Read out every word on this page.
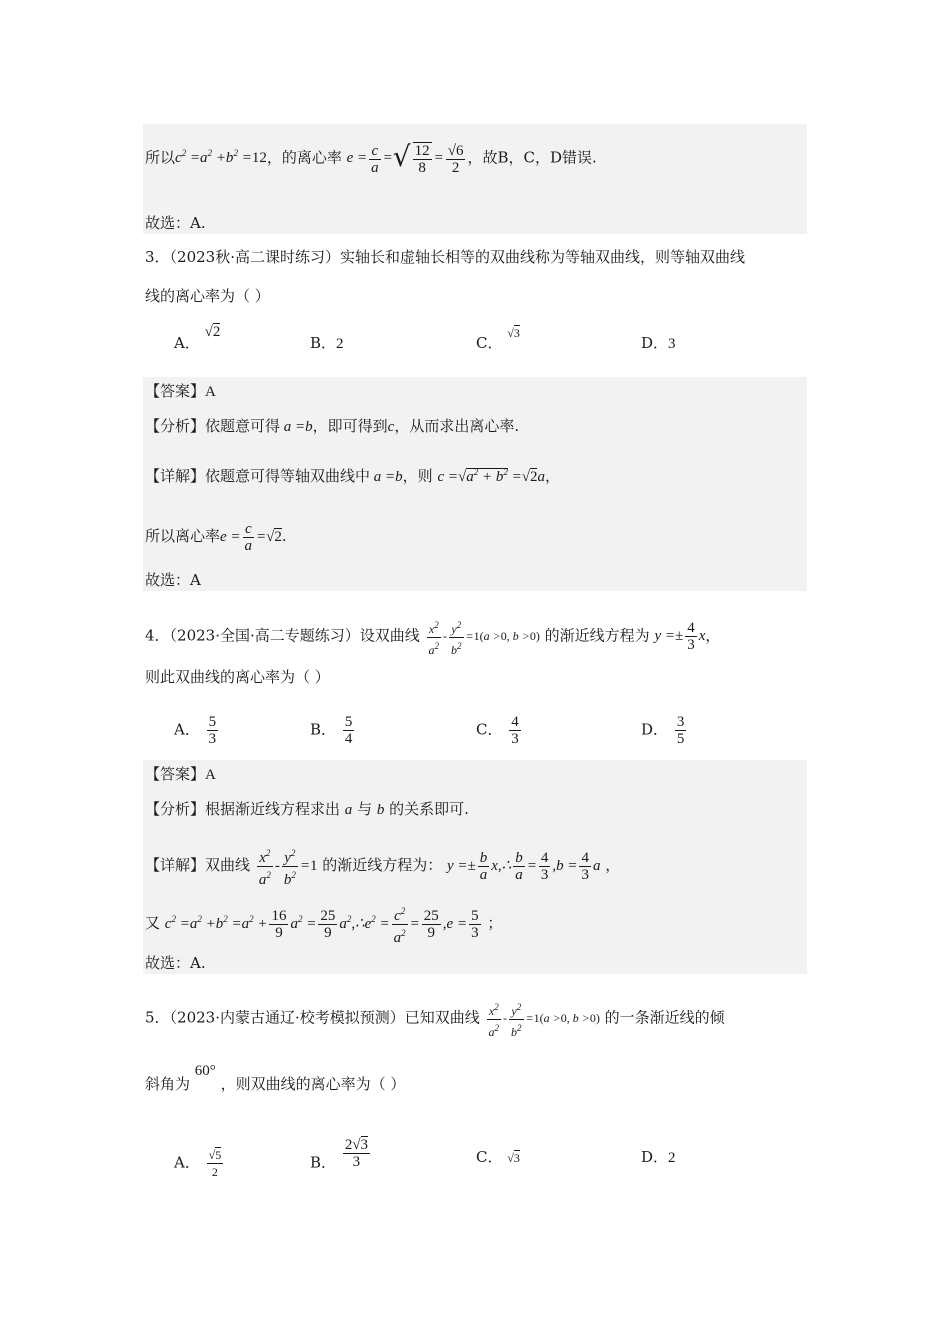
所以$c^2 =a^2 +b^2 =12$，的离心率 $e = \frac{c}{a}$ =√ $\frac{12}{8} = \frac{√6}{2}$ ，故B，C，D错误.
故选：A.
3．（2023秋·高二课时练习）实轴长和虚轴长相等的双曲线称为等轴双曲线，则等轴双曲线
线的离心率为（ ）
A． √2
B．2	C． $^{√3}$
D．3
【答案】A
【分析】依题意可得 a =b，即可得到c，从而求出离心率.
【详解】依题意可得等轴双曲线中 a =b，则 $c =√a^2 + b^2 =√2a$，
所以离心率$e = \frac{c}{a} =√2$.
故选：A
4．（2023·全国·高二专题练习）设双曲线 $\frac{x^2}{a^2} - \frac{y^2}{b^2} =1(a >0$, b >0) 的渐近线方程为 $y =\pm \frac{4}{3}$ x，
则此双曲线的离心率为（ ）
A． $\frac{5}{3}$	B． $\frac{5}{4}$	C． $\frac{4}{3}$	D． $\frac{3}{5}$
【答案】A
【分析】根据渐近线方程求出 a 与 b 的关系即可.
【详解】双曲线 $\frac{x^2}{a^2} - \frac{y^2}{b^2} =1$ 的渐近线方程为： $y =\pm \frac{b}{a}$ x,∴ $\frac{b}{a} = \frac{4}{3} ,b = \frac{4}{3}$ a ，
又 $c^2 =a^2 +b^2 =a^2 + \frac{16}{9} a^2 = \frac{25}{9}$ $a^2,\therefore e^2 = \frac{c^2}{a^2} = \frac{25}{9} ,e = \frac{5}{3}$ ；
故选：A.
5．（2023·内蒙古通辽·校考模拟预测）已知双曲线 $\frac{x^2}{a^2} - \frac{y^2}{b^2} =1(a >0$, b >0) 的一条渐近线的倾
斜角为 60° ，则双曲线的离心率为（ ）
A． $\frac{√5}{2}$	B． $\frac{2√3}{3}$	C． √3	D．2
